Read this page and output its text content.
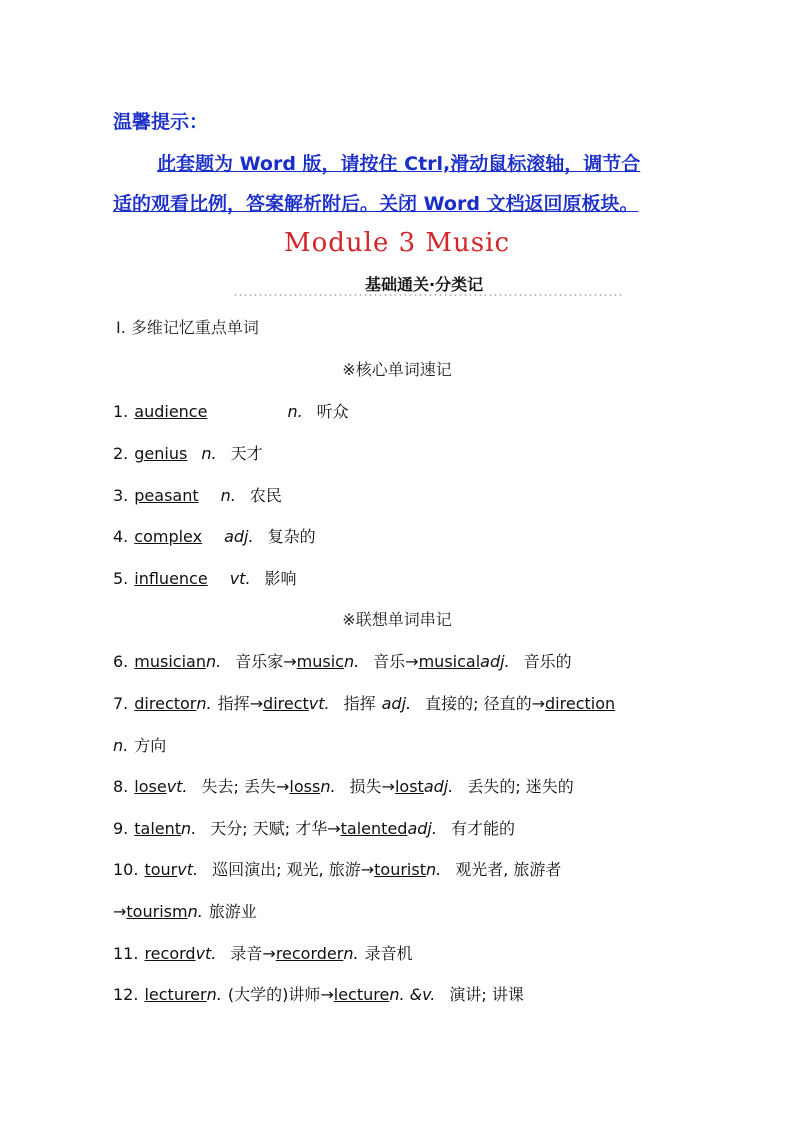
温馨提示：
此套题为 Word 版，请按住 Ctrl,滑动鼠标滚轴，调节合
适的观看比例，答案解析附后。关闭 Word 文档返回原板块。
Module 3 Music
基础通关·分类记
Ⅰ. 多维记忆重点单词
※核心单词速记
1. audience	n. 听众
2. genius n. 天才
3. peasant n. 农民
4. complex adj. 复杂的
5. influence vt. 影响
※联想单词串记
6. musiciann. 音乐家→musicn. 音乐→musicaladj. 音乐的
7. directorn. 指挥→directvt. 指挥 adj. 直接的; 径直的→direction
n. 方向
8. losevt. 失去; 丢失→lossn. 损失→lostadj. 丢失的; 迷失的
9. talentn. 天分; 天赋; 才华→talentedadj. 有才能的
10. tourvt. 巡回演出; 观光, 旅游→touristn. 观光者, 旅游者
→tourismn. 旅游业
11. recordvt. 录音→recordern. 录音机
12. lecturern. (大学的)讲师→lecturen. &v. 演讲; 讲课
